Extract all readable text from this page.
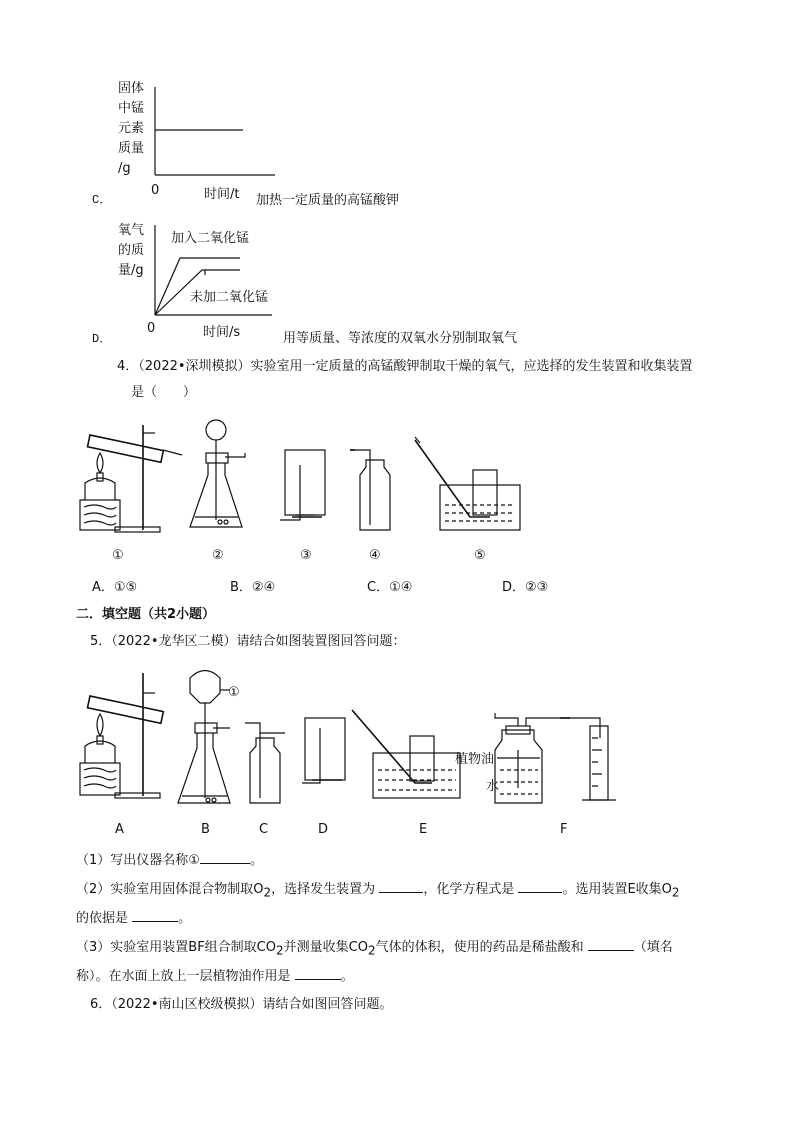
固体
中锰
元素
质量
/g
0	时间/t
C．	加热一定质量的高锰酸钾
氧气
的质
量/g
加入二氧化锰
未加二氧化锰
0	时间/s
D．	用等质量、等浓度的双氧水分别制取氧气
4．（2022•深圳模拟）实验室用一定质量的高锰酸钾制取干燥的氧气，应选择的发生装置和收集装置
是（　　）
①	②	③	④	⑤
A．①⑤	B．②④	C．①④	D．②③
二．填空题（共2小题）
5．（2022•龙华区二模）请结合如图装置图回答问题：
①
植物油
水
A	B	C	D	E	F
（1）写出仪器名称①	。
（2）实验室用固体混合物制取$O_2$，选择发生装置为	，化学方程式是	。选用装置E收集$O_2$
的依据是	。
（3）实验室用装置BF组合制取$CO_2$并测量收集$CO_2$气体的体积，使用的药品是稀盐酸和	（填名
称）。在水面上放上一层植物油作用是	。
6．（2022•南山区校级模拟）请结合如图回答问题。
